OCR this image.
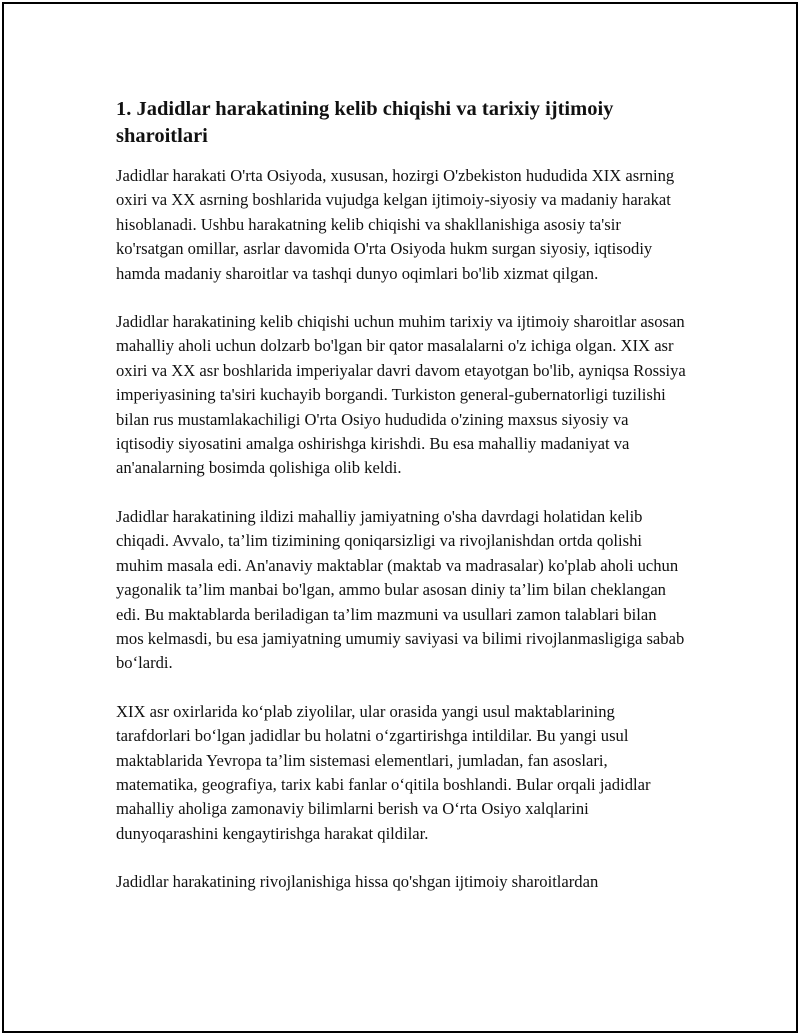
1. Jadidlar harakatining kelib chiqishi va tarixiy ijtimoiy sharoitlari

Jadidlar harakati O'rta Osiyoda, xususan, hozirgi O'zbekiston hududida XIX asrning oxiri va XX asrning boshlarida vujudga kelgan ijtimoiy-siyosiy va madaniy harakat hisoblanadi. Ushbu harakatning kelib chiqishi va shakllanishiga asosiy ta'sir ko'rsatgan omillar, asrlar davomida O'rta Osiyoda hukm surgan siyosiy, iqtisodiy hamda madaniy sharoitlar va tashqi dunyo oqimlari bo'lib xizmat qilgan.

Jadidlar harakatining kelib chiqishi uchun muhim tarixiy va ijtimoiy sharoitlar asosan mahalliy aholi uchun dolzarb bo'lgan bir qator masalalarni o'z ichiga olgan. XIX asr oxiri va XX asr boshlarida imperiyalar davri davom etayotgan bo'lib, ayniqsa Rossiya imperiyasining ta'siri kuchayib borgandi. Turkiston general-gubernatorligi tuzilishi bilan rus mustamlakachiligi O'rta Osiyo hududida o'zining maxsus siyosiy va iqtisodiy siyosatini amalga oshirishga kirishdi. Bu esa mahalliy madaniyat va an'analarning bosimda qolishiga olib keldi.

Jadidlar harakatining ildizi mahalliy jamiyatning o'sha davrdagi holatidan kelib chiqadi. Avvalo, ta’lim tizimining qoniqarsizligi va rivojlanishdan ortda qolishi muhim masala edi. An'anaviy maktablar (maktab va madrasalar) ko'plab aholi uchun yagonalik ta’lim manbai bo'lgan, ammo bular asosan diniy ta’lim bilan cheklangan edi. Bu maktablarda beriladigan ta’lim mazmuni va usullari zamon talablari bilan mos kelmasdi, bu esa jamiyatning umumiy saviyasi va bilimi rivojlanmasligiga sabab bo‘lardi.

XIX asr oxirlarida ko‘plab ziyolilar, ular orasida yangi usul maktablarining tarafdorlari bo‘lgan jadidlar bu holatni o‘zgartirishga intildilar. Bu yangi usul maktablarida Yevropa ta’lim sistemasi elementlari, jumladan, fan asoslari, matematika, geografiya, tarix kabi fanlar o‘qitila boshlandi. Bular orqali jadidlar mahalliy aholiga zamonaviy bilimlarni berish va O‘rta Osiyo xalqlarini dunyoqarashini kengaytirishga harakat qildilar.

Jadidlar harakatining rivojlanishiga hissa qo'shgan ijtimoiy sharoitlardan
